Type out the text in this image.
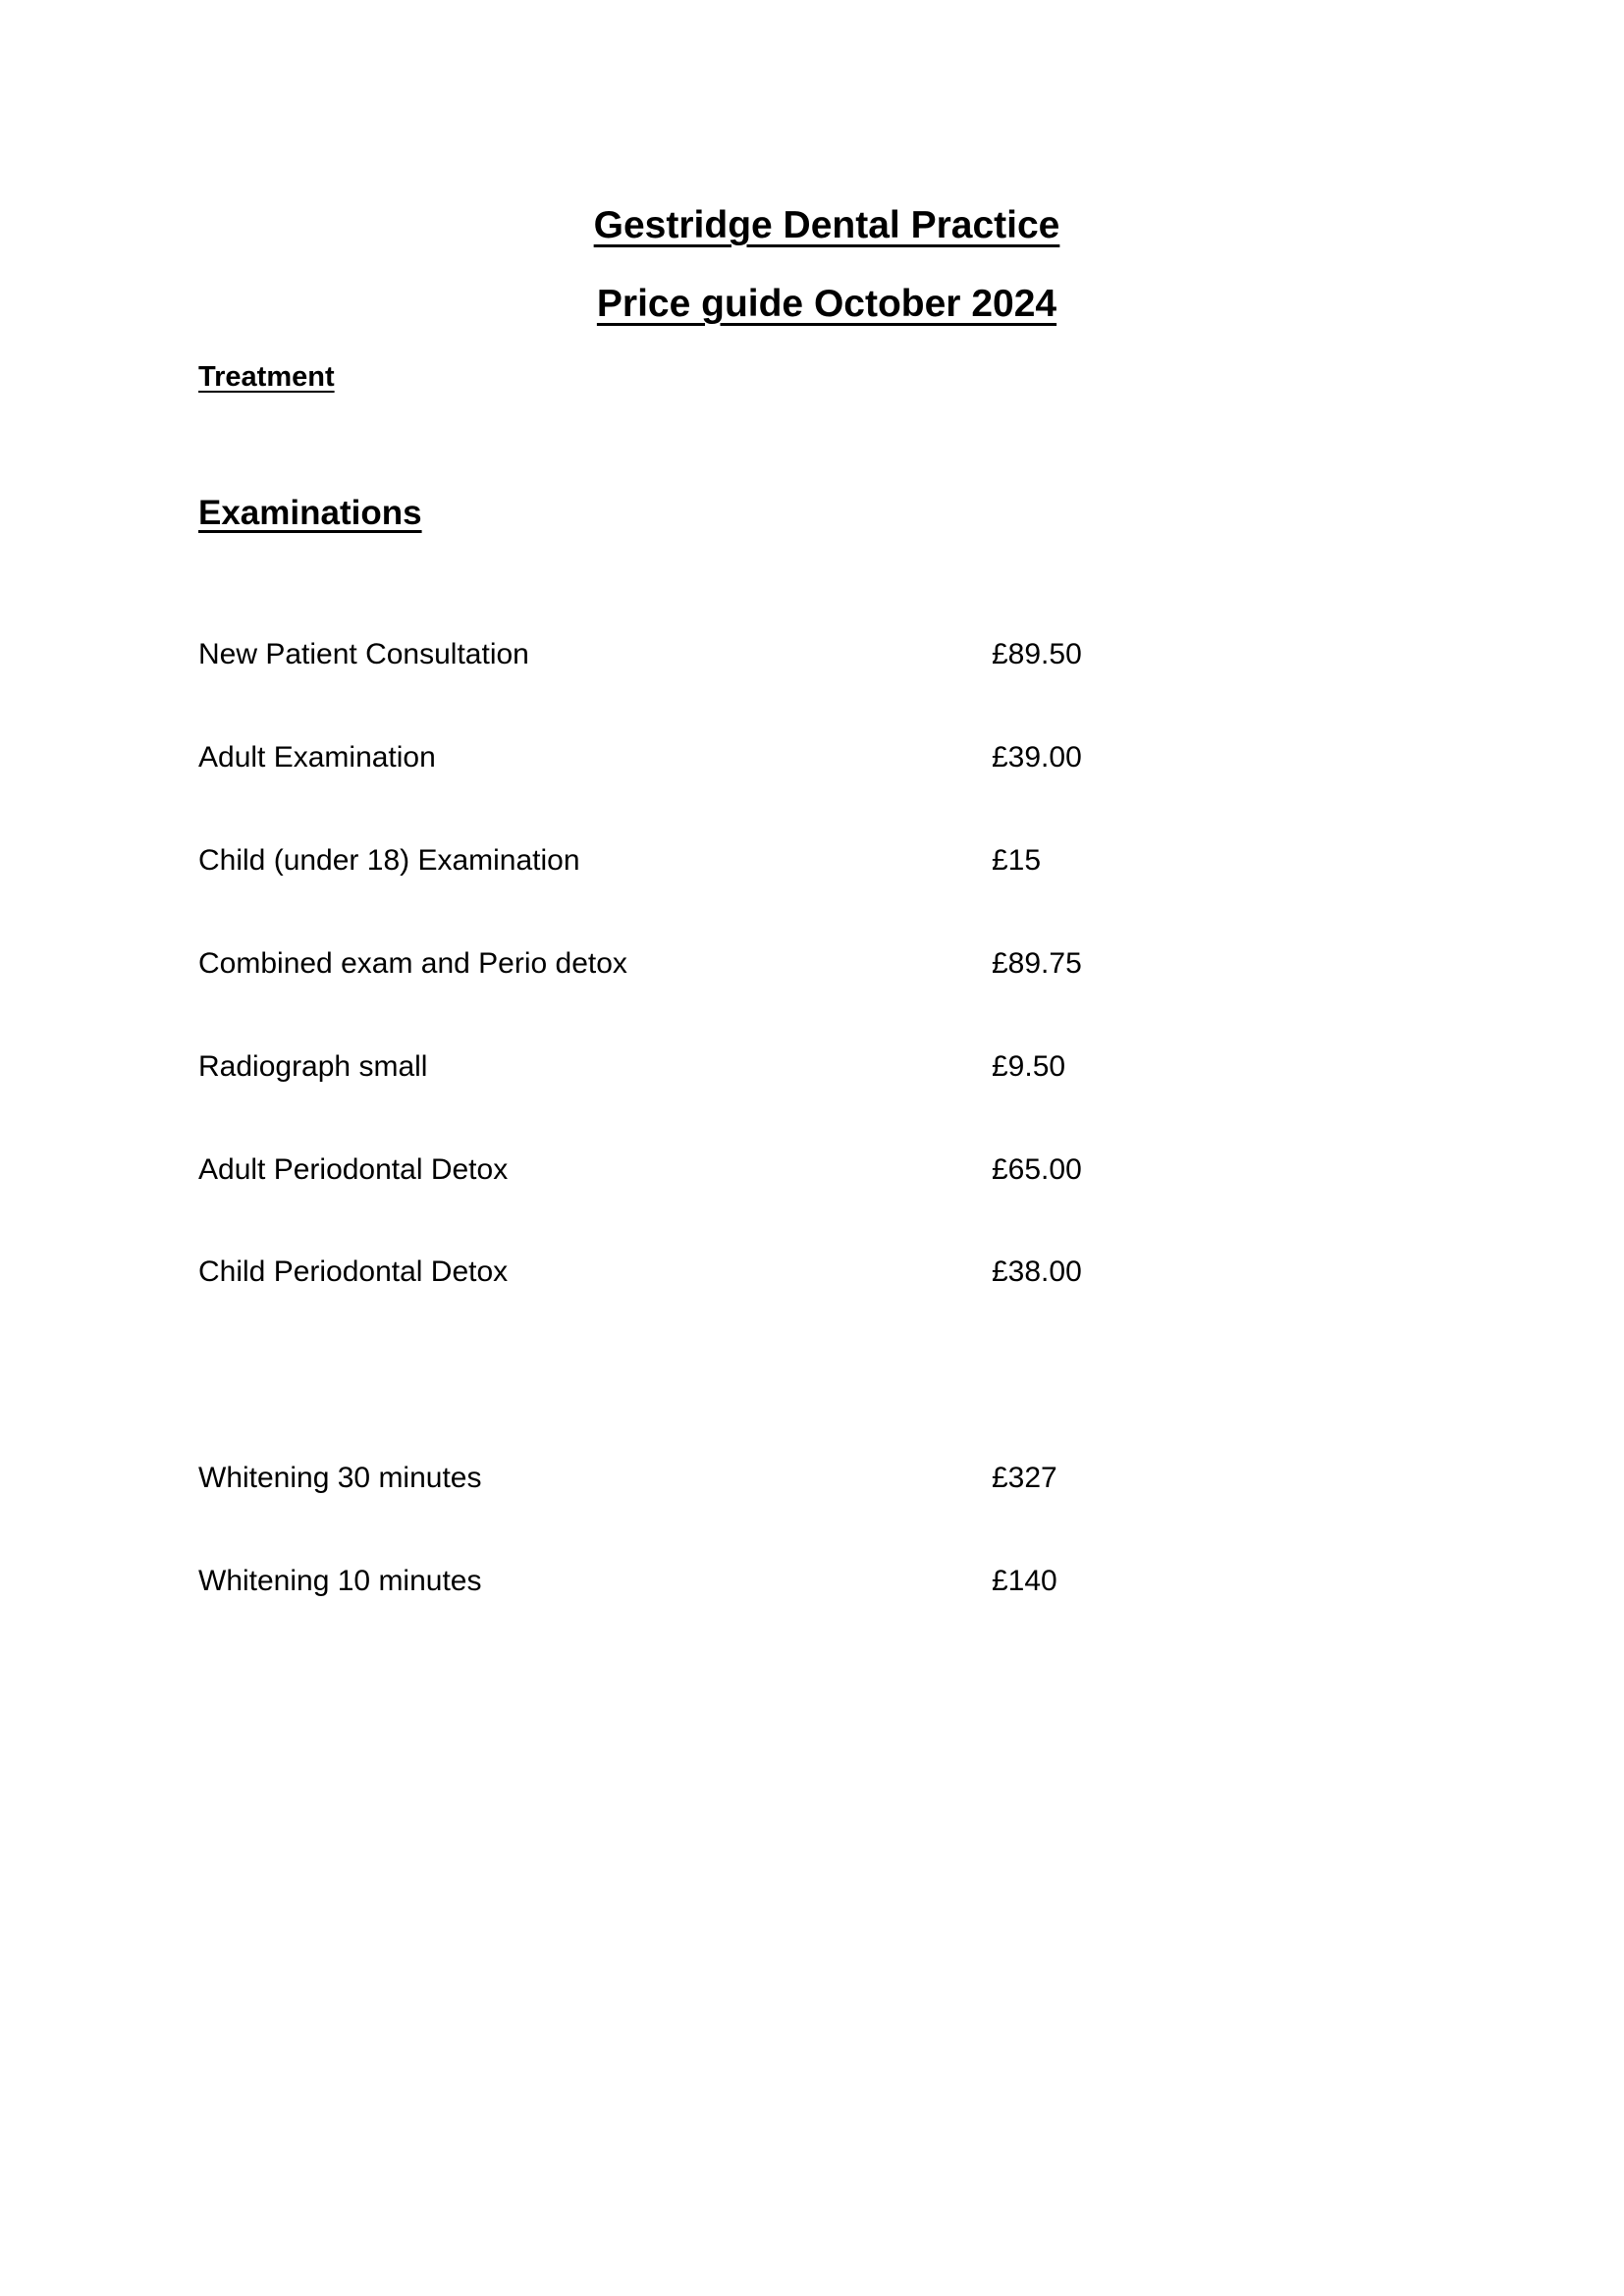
Gestridge Dental Practice
Price guide October 2024
Treatment
Examinations
New Patient Consultation	£89.50
Adult Examination	£39.00
Child (under 18) Examination	£15
Combined exam and Perio detox	£89.75
Radiograph small	£9.50
Adult Periodontal Detox	£65.00
Child Periodontal Detox	£38.00
Whitening 30 minutes	£327
Whitening 10 minutes	£140
